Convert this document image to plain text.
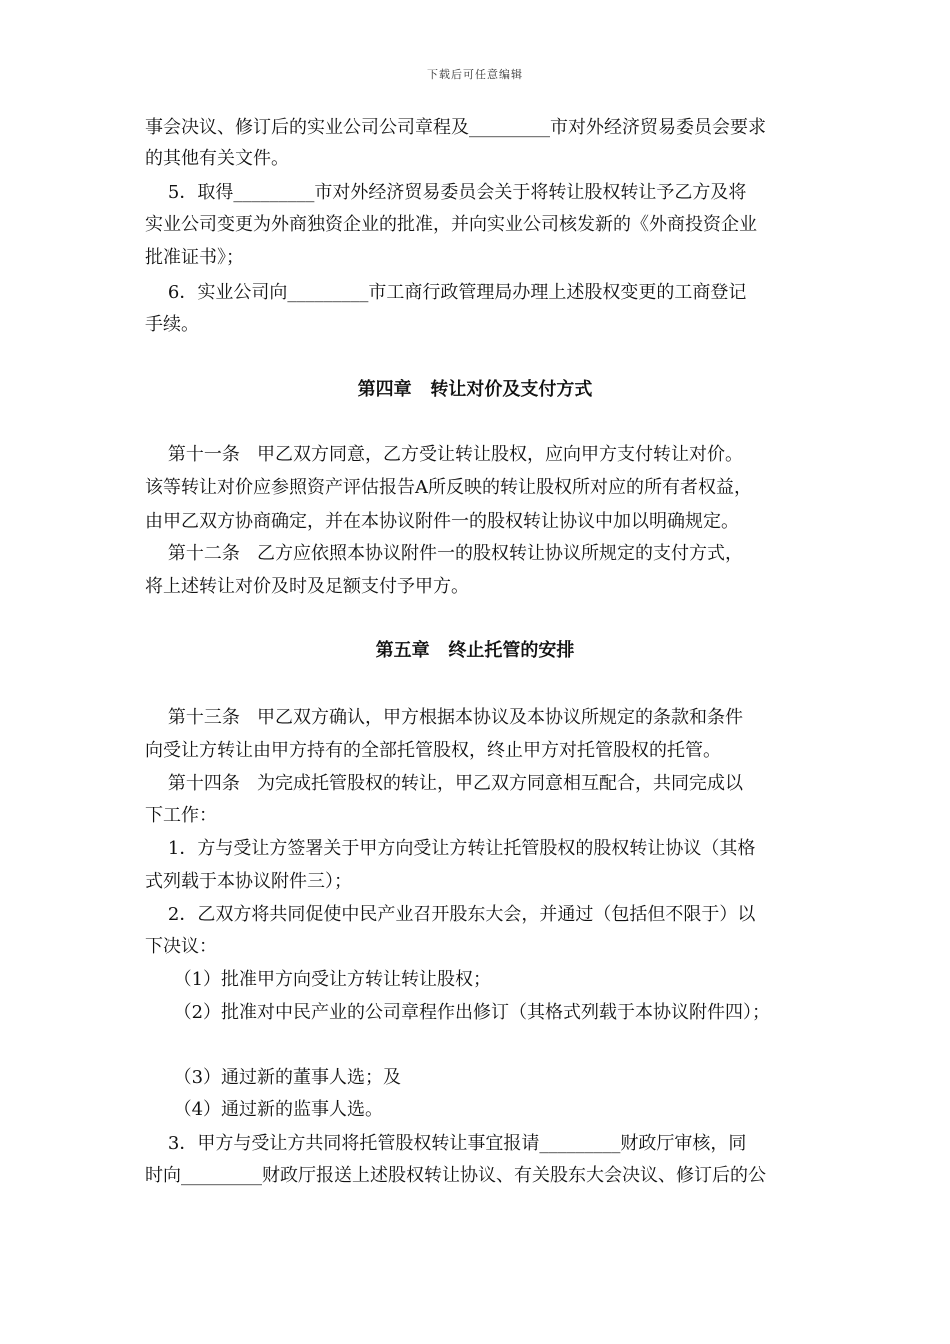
下载后可任意编辑
事会决议、修订后的实业公司公司章程及_________市对外经济贸易委员会要求
的其他有关文件。
5．取得_________市对外经济贸易委员会关于将转让股权转让予乙方及将
实业公司变更为外商独资企业的批准，并向实业公司核发新的《外商投资企业
批准证书》；
6．实业公司向_________市工商行政管理局办理上述股权变更的工商登记
手续。
第四章   转让对价及支付方式
第十一条   甲乙双方同意，乙方受让转让股权，应向甲方支付转让对价。
该等转让对价应参照资产评估报告A所反映的转让股权所对应的所有者权益，
由甲乙双方协商确定，并在本协议附件一的股权转让协议中加以明确规定。
第十二条   乙方应依照本协议附件一的股权转让协议所规定的支付方式，
将上述转让对价及时及足额支付予甲方。
第五章   终止托管的安排
第十三条   甲乙双方确认，甲方根据本协议及本协议所规定的条款和条件
向受让方转让由甲方持有的全部托管股权，终止甲方对托管股权的托管。
第十四条   为完成托管股权的转让，甲乙双方同意相互配合，共同完成以
下工作：
1．方与受让方签署关于甲方向受让方转让托管股权的股权转让协议（其格
式列载于本协议附件三）；
2．乙双方将共同促使中民产业召开股东大会，并通过（包括但不限于）以
下决议：
（1）批准甲方向受让方转让转让股权；
（2）批准对中民产业的公司章程作出修订（其格式列载于本协议附件四）；
（3）通过新的董事人选；及
（4）通过新的监事人选。
3．甲方与受让方共同将托管股权转让事宜报请_________财政厅审核，同
时向_________财政厅报送上述股权转让协议、有关股东大会决议、修订后的公
